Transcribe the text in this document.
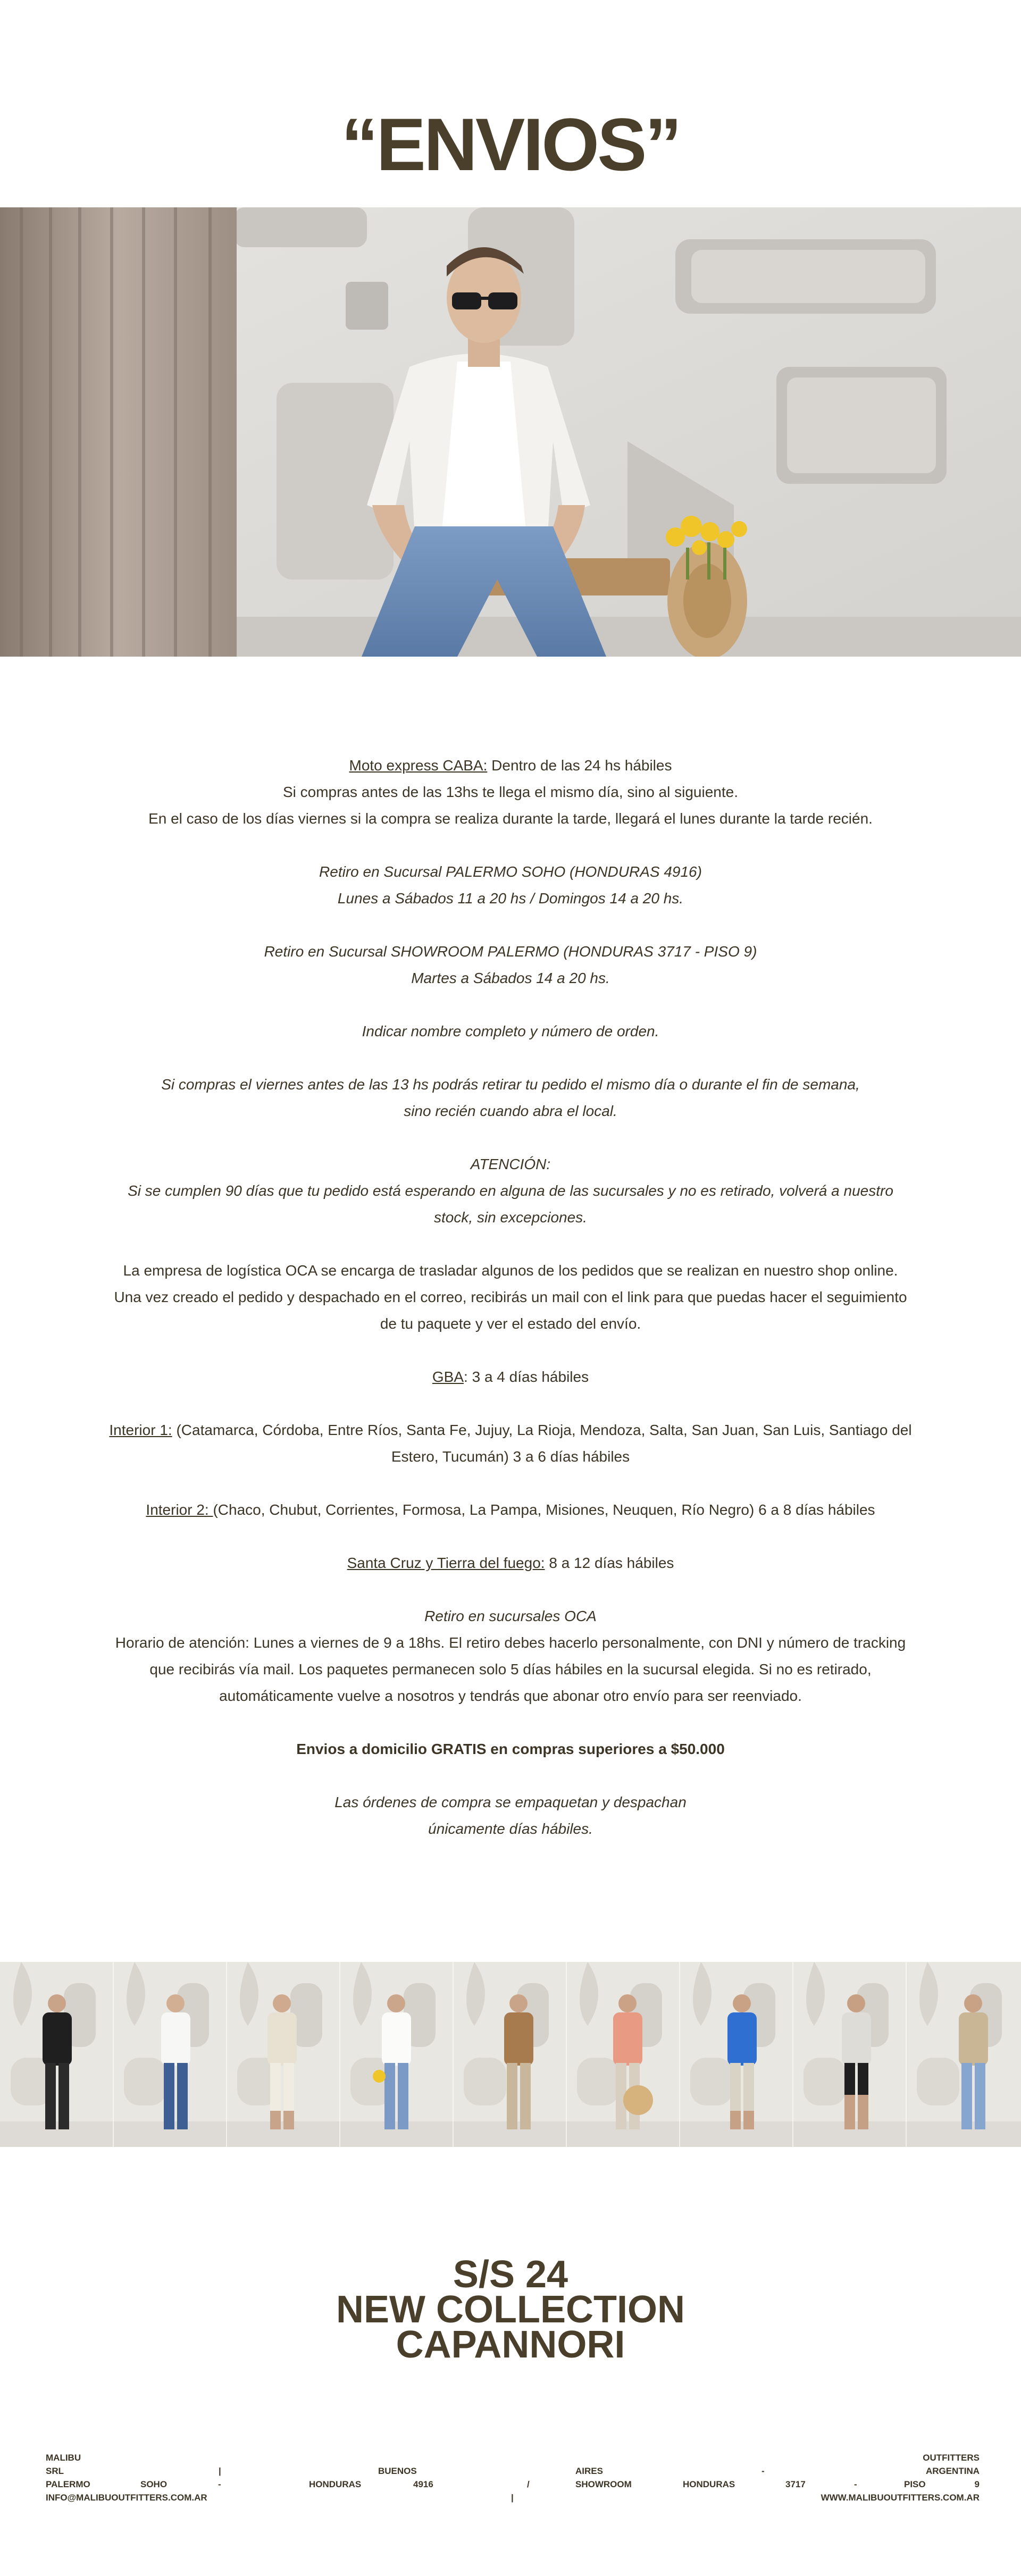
“ENVIOS”

Moto express CABA: Dentro de las 24 hs hábiles
Si compras antes de las 13hs te llega el mismo día, sino al siguiente.
En el caso de los días viernes si la compra se realiza durante la tarde, llegará el lunes durante la tarde recién.

Retiro en Sucursal PALERMO SOHO (HONDURAS 4916)
Lunes a Sábados 11 a 20 hs / Domingos 14 a 20 hs.

Retiro en Sucursal SHOWROOM PALERMO (HONDURAS 3717 - PISO 9)
Martes a Sábados 14 a 20 hs.

Indicar nombre completo y número de orden.

Si compras el viernes antes de las 13 hs podrás retirar tu pedido el mismo día o durante el fin de semana,
sino recién cuando abra el local.

ATENCIÓN:
Si se cumplen 90 días que tu pedido está esperando en alguna de las sucursales y no es retirado, volverá a nuestro
stock, sin excepciones.

La empresa de logística OCA se encarga de trasladar algunos de los pedidos que se realizan en nuestro shop online.
Una vez creado el pedido y despachado en el correo, recibirás un mail con el link para que puedas hacer el seguimiento
de tu paquete y ver el estado del envío.

GBA: 3 a 4 días hábiles

Interior 1: (Catamarca, Córdoba, Entre Ríos, Santa Fe, Jujuy, La Rioja, Mendoza, Salta, San Juan, San Luis, Santiago del
Estero, Tucumán) 3 a 6 días hábiles

Interior 2: (Chaco, Chubut, Corrientes, Formosa, La Pampa, Misiones, Neuquen, Río Negro) 6 a 8 días hábiles

Santa Cruz y Tierra del fuego: 8 a 12 días hábiles

Retiro en sucursales OCA
Horario de atención: Lunes a viernes de 9 a 18hs. El retiro debes hacerlo personalmente, con DNI y número de tracking
que recibirás vía mail. Los paquetes permanecen solo 5 días hábiles en la sucursal elegida. Si no es retirado,
automáticamente vuelve a nosotros y tendrás que abonar otro envío para ser reenviado.

Envios a domicilio GRATIS en compras superiores a $50.000

Las órdenes de compra se empaquetan y despachan
únicamente días hábiles.

S/S 24
NEW COLLECTION
CAPANNORI
MALIBU	OUTFITTERS
SRL	|	BUENOS	AIRES	-	ARGENTINA
PALERMO	SOHO	-	HONDURAS	4916	/	SHOWROOM	HONDURAS	3717	-	PISO	9
INFO@MALIBUOUTFITTERS.COM.AR	|	WWW.MALIBUOUTFITTERS.COM.AR
